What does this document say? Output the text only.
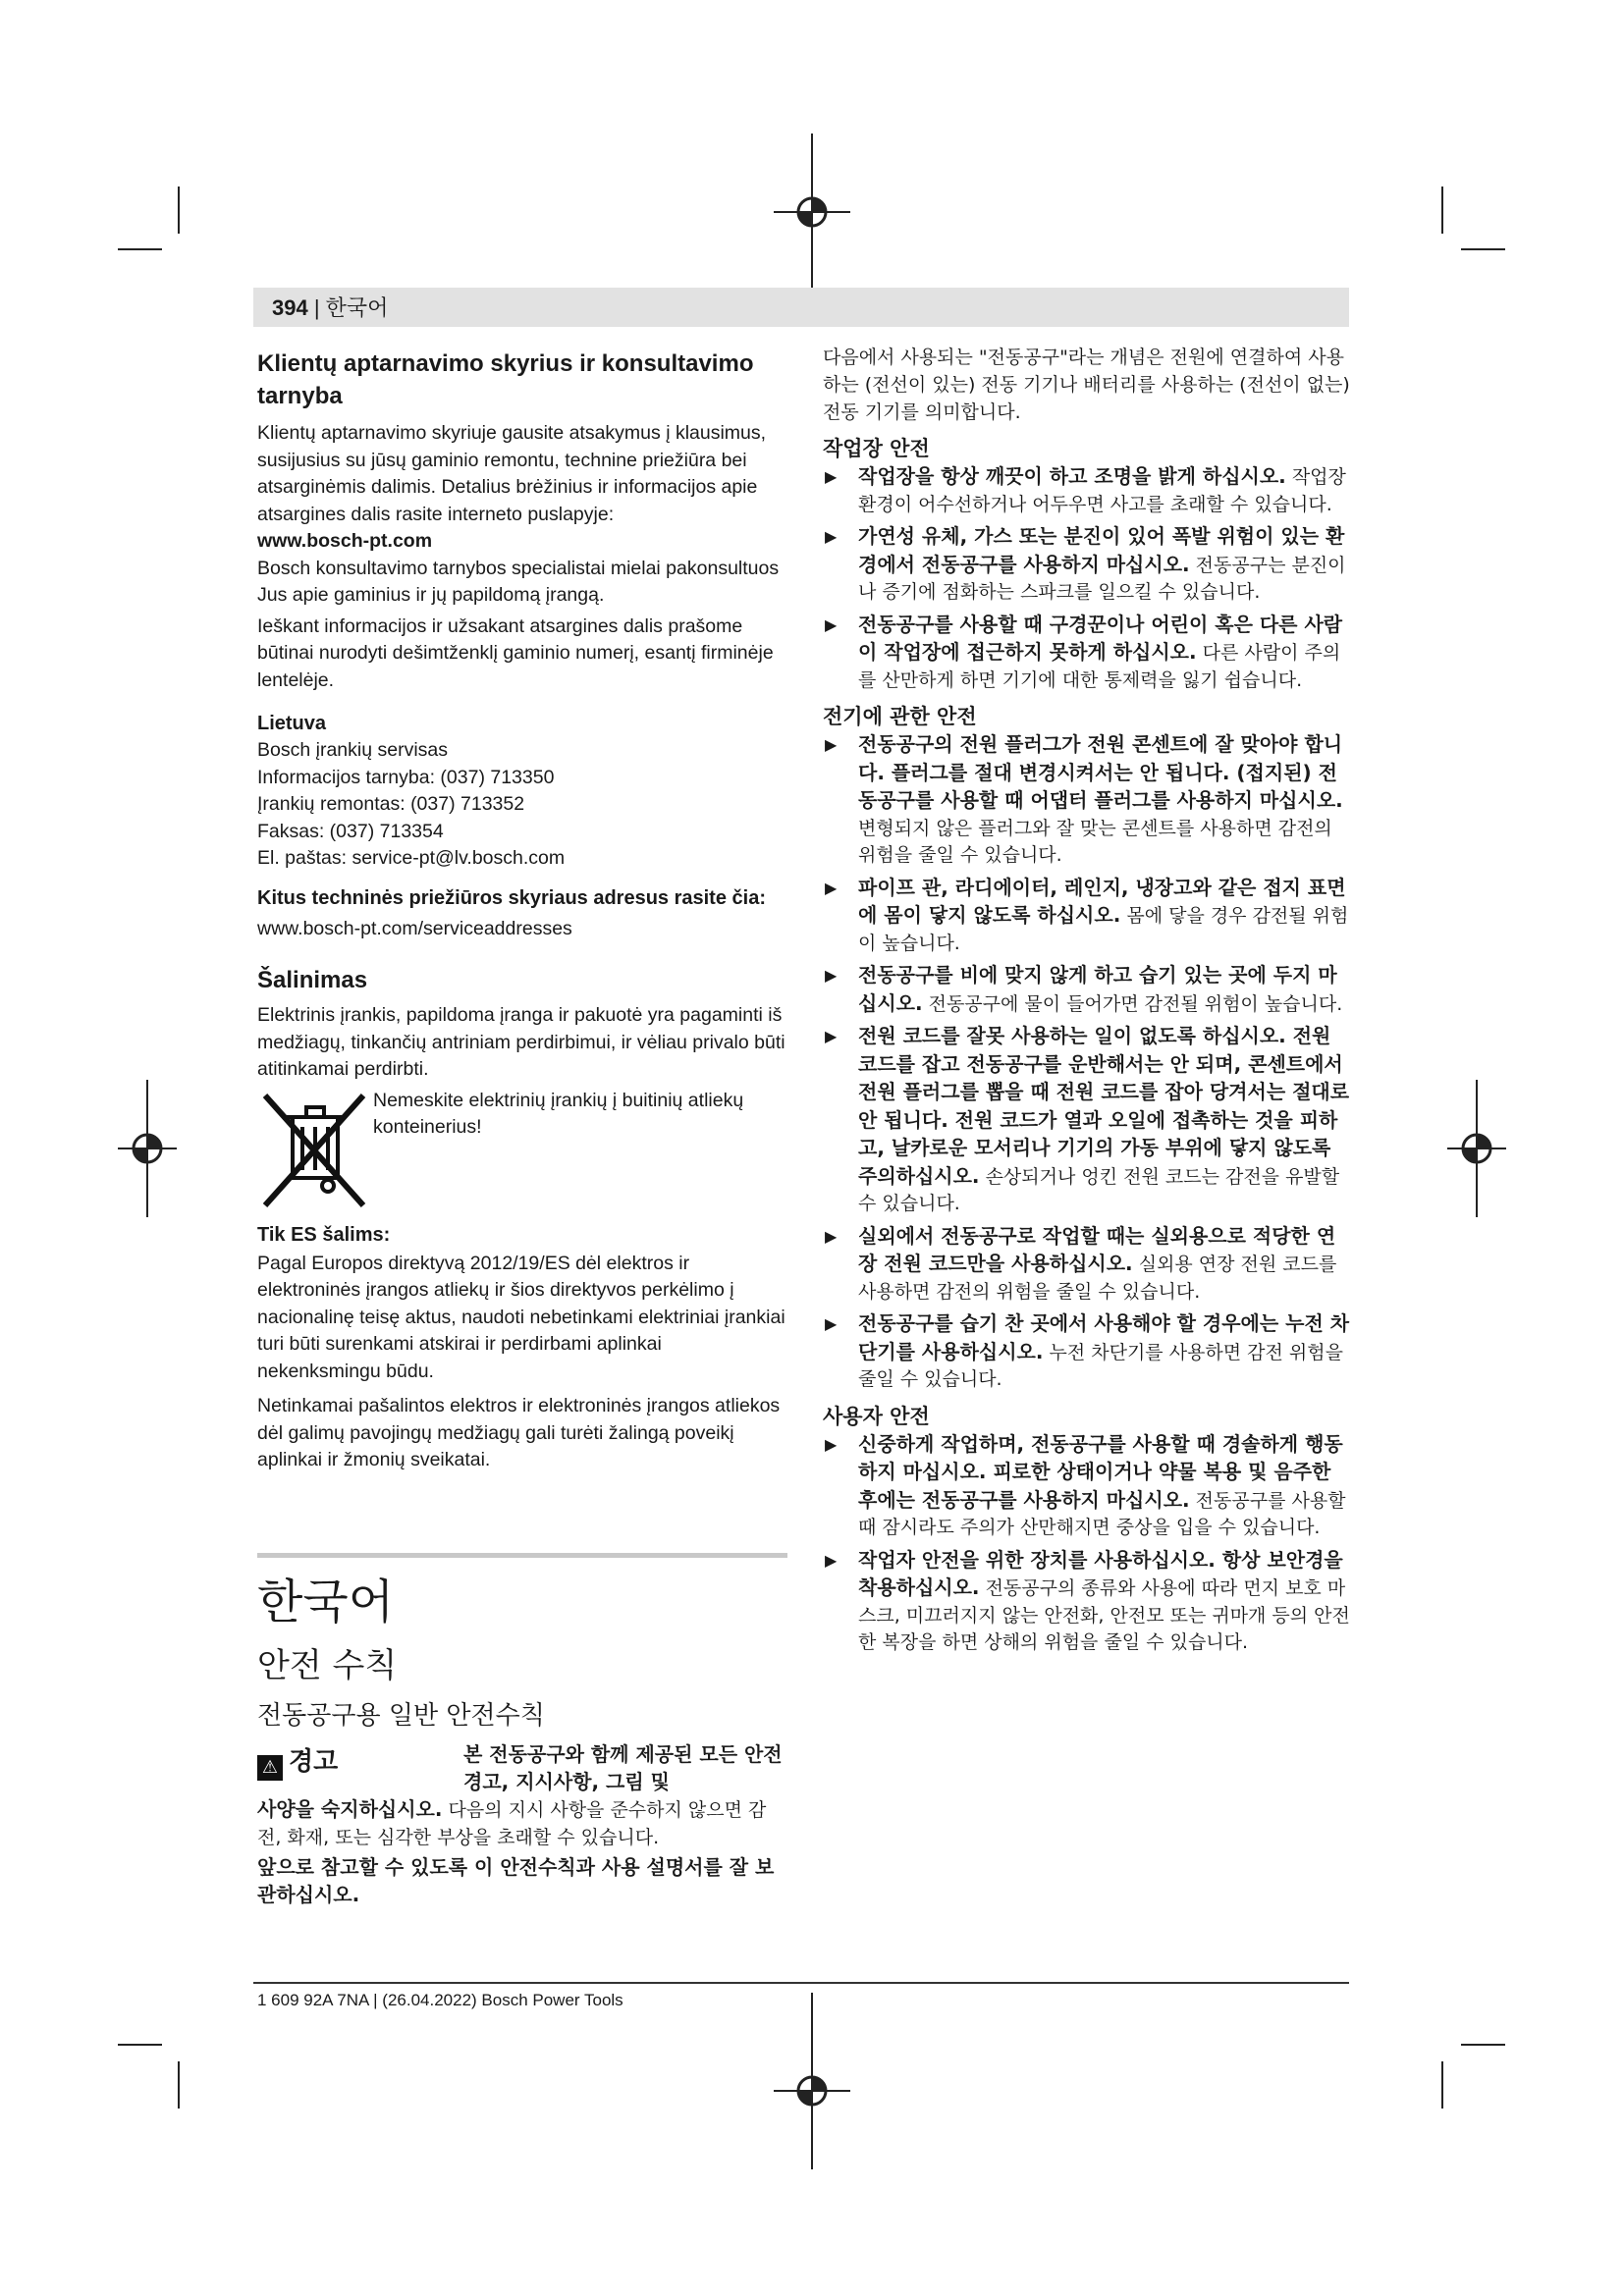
394 | 한국어

Klientų aptarnavimo skyrius ir konsultavimo tarnyba

Klientų aptarnavimo skyriuje gausite atsakymus į klausimus, susijusius su jūsų gaminio remontu, technine priežiūra bei atsarginėmis dalimis. Detalius brėžinius ir informacijos apie atsargines dalis rasite interneto puslapyje:

www.bosch-pt.com

Bosch konsultavimo tarnybos specialistai mielai pakonsultuos Jus apie gaminius ir jų papildomą įrangą.

Ieškant informacijos ir užsakant atsargines dalis prašome būtinai nurodyti dešimtženklį gaminio numerį, esantį firminėje lentelėje.

Lietuva

Bosch įrankių servisas

Informacijos tarnyba: (037) 713350

Įrankių remontas: (037) 713352

Faksas: (037) 713354

El. paštas: service-pt@lv.bosch.com

Kitus techninės priežiūros skyriaus adresus rasite čia:

www.bosch-pt.com/serviceaddresses

Šalinimas

Elektrinis įrankis, papildoma įranga ir pakuotė yra pagaminti iš medžiagų, tinkančių antriniam perdirbimui, ir vėliau privalo būti atitinkamai perdirbti.

Nemeskite elektrinių įrankių į buitinių atliekų konteinerius!

Tik ES šalims:

Pagal Europos direktyvą 2012/19/ES dėl elektros ir elektroninės įrangos atliekų ir šios direktyvos perkėlimo į nacionalinę teisę aktus, naudoti nebetinkami elektriniai įrankiai turi būti surenkami atskirai ir perdirbami aplinkai nekenksmingu būdu.

Netinkamai pašalintos elektros ir elektroninės įrangos atliekos dėl galimų pavojingų medžiagų gali turėti žalingą poveikį aplinkai ir žmonių sveikatai.

한국어

안전 수칙

전동공구용 일반 안전수칙

⚠ 경고	본 전동공구와 함께 제공된 모든 안전경고, 지시사항, 그림 및

사양을 숙지하십시오. 다음의 지시 사항을 준수하지 않으면 감전, 화재, 또는 심각한 부상을 초래할 수 있습니다.

앞으로 참고할 수 있도록 이 안전수칙과 사용 설명서를 잘 보관하십시오.

다음에서 사용되는 "전동공구"라는 개념은 전원에 연결하여 사용하는 (전선이 있는) 전동 기기나 배터리를 사용하는 (전선이 없는) 전동 기기를 의미합니다.

작업장 안전

▶ 작업장을 항상 깨끗이 하고 조명을 밝게 하십시오. 작업장 환경이 어수선하거나 어두우면 사고를 초래할 수 있습니다.
▶ 가연성 유체, 가스 또는 분진이 있어 폭발 위험이 있는 환경에서 전동공구를 사용하지 마십시오. 전동공구는 분진이나 증기에 점화하는 스파크를 일으킬 수 있습니다.
▶ 전동공구를 사용할 때 구경꾼이나 어린이 혹은 다른 사람이 작업장에 접근하지 못하게 하십시오. 다른 사람이 주의를 산만하게 하면 기기에 대한 통제력을 잃기 쉽습니다.

전기에 관한 안전

▶ 전동공구의 전원 플러그가 전원 콘센트에 잘 맞아야 합니다. 플러그를 절대 변경시켜서는 안 됩니다. (접지된) 전동공구를 사용할 때 어댑터 플러그를 사용하지 마십시오. 변형되지 않은 플러그와 잘 맞는 콘센트를 사용하면 감전의 위험을 줄일 수 있습니다.
▶ 파이프 관, 라디에이터, 레인지, 냉장고와 같은 접지 표면에 몸이 닿지 않도록 하십시오. 몸에 닿을 경우 감전될 위험이 높습니다.
▶ 전동공구를 비에 맞지 않게 하고 습기 있는 곳에 두지 마십시오. 전동공구에 물이 들어가면 감전될 위험이 높습니다.
▶ 전원 코드를 잘못 사용하는 일이 없도록 하십시오. 전원 코드를 잡고 전동공구를 운반해서는 안 되며, 콘센트에서 전원 플러그를 뽑을 때 전원 코드를 잡아 당겨서는 절대로 안 됩니다. 전원 코드가 열과 오일에 접촉하는 것을 피하고, 날카로운 모서리나 기기의 가동 부위에 닿지 않도록 주의하십시오. 손상되거나 엉킨 전원 코드는 감전을 유발할 수 있습니다.
▶ 실외에서 전동공구로 작업할 때는 실외용으로 적당한 연장 전원 코드만을 사용하십시오. 실외용 연장 전원 코드를 사용하면 감전의 위험을 줄일 수 있습니다.
▶ 전동공구를 습기 찬 곳에서 사용해야 할 경우에는 누전 차단기를 사용하십시오. 누전 차단기를 사용하면 감전 위험을 줄일 수 있습니다.

사용자 안전

▶ 신중하게 작업하며, 전동공구를 사용할 때 경솔하게 행동하지 마십시오. 피로한 상태이거나 약물 복용 및 음주한 후에는 전동공구를 사용하지 마십시오. 전동공구를 사용할 때 잠시라도 주의가 산만해지면 중상을 입을 수 있습니다.
▶ 작업자 안전을 위한 장치를 사용하십시오. 항상 보안경을 착용하십시오. 전동공구의 종류와 사용에 따라 먼지 보호 마스크, 미끄러지지 않는 안전화, 안전모 또는 귀마개 등의 안전한 복장을 하면 상해의 위험을 줄일 수 있습니다.

1 609 92A 7NA | (26.04.2022) Bosch Power Tools
